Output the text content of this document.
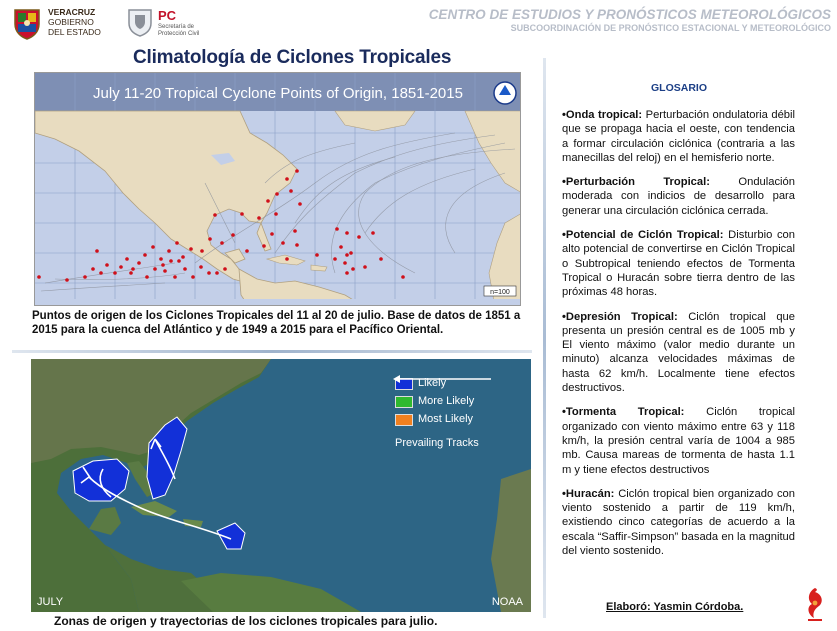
VERACRUZ
GOBIERNO
DEL ESTADO
PC
Secretaría de Protección Civil
CENTRO DE ESTUDIOS Y PRONÓSTICOS METEOROLÓGICOS
SUBCOORDINACIÓN DE PRONÓSTICO ESTACIONAL Y METEOROLÓGICO
Climatología de Ciclones Tropicales
n=100
July 11-20 Tropical Cyclone Points of Origin, 1851-2015
Puntos de origen de los Ciclones Tropicales del 11 al 20 de julio. Base de datos de 1851 a 2015 para la cuenca del Atlántico y de 1949 a 2015 para el Pacífico Oriental.
JULY	NOAA
Likely
More Likely
Most Likely
Prevailing Tracks
Zonas de origen y trayectorias de los ciclones tropicales para julio.
GLOSARIO

•Onda tropical: Perturbación ondulatoria débil que se propaga hacia el oeste, con tendencia a formar circulación ciclónica (contraria a las manecillas del reloj) en el hemisferio norte.

•Perturbación Tropical: Ondulación moderada con indicios de desarrollo para generar una circulación ciclónica cerrada.

•Potencial de Ciclón Tropical: Disturbio con alto potencial de convertirse en Ciclón Tropical o Subtropical teniendo efectos de Tormenta Tropical o Huracán sobre tierra dentro de las próximas 48 horas.

•Depresión Tropical: Ciclón tropical que presenta un presión central es de 1005 mb y El viento máximo (valor medio durante un minuto) alcanza velocidades máximas de hasta 62 km/h. Localmente tiene efectos destructivos.

•Tormenta Tropical: Ciclón tropical organizado con viento máximo entre 63 y 118 km/h, la presión central varía de 1004 a 985 mb. Causa mareas de tormenta de hasta 1.1 m y tiene efectos destructivos

•Huracán: Ciclón tropical bien organizado con viento sostenido a partir de 119 km/h, existiendo cinco categorías de acuerdo a la escala “Saffir-Simpson” basada en la magnitud del viento sostenido.

Elaboró: Yasmin Córdoba.
